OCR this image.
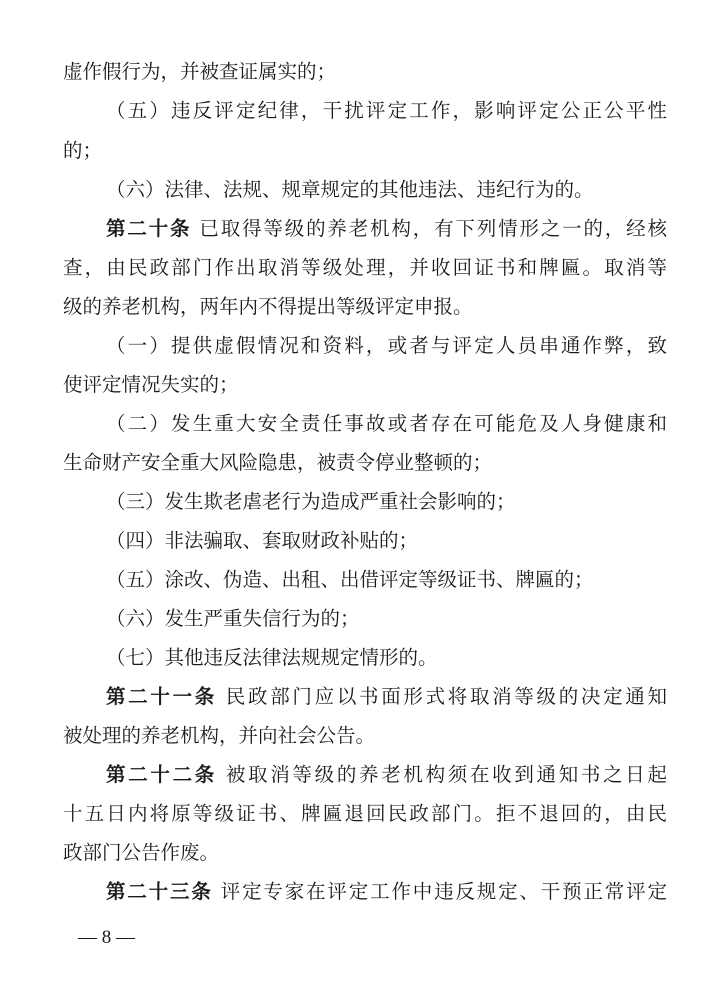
虚作假行为，并被查证属实的；
（五）违反评定纪律，干扰评定工作，影响评定公正公平性
的；
（六）法律、法规、规章规定的其他违法、违纪行为的。
第二十条 已取得等级的养老机构，有下列情形之一的，经核
查，由民政部门作出取消等级处理，并收回证书和牌匾。取消等
级的养老机构，两年内不得提出等级评定申报。
（一）提供虚假情况和资料，或者与评定人员串通作弊，致
使评定情况失实的；
（二）发生重大安全责任事故或者存在可能危及人身健康和
生命财产安全重大风险隐患，被责令停业整顿的；
（三）发生欺老虐老行为造成严重社会影响的；
（四）非法骗取、套取财政补贴的；
（五）涂改、伪造、出租、出借评定等级证书、牌匾的；
（六）发生严重失信行为的；
（七）其他违反法律法规规定情形的。
第二十一条 民政部门应以书面形式将取消等级的决定通知
被处理的养老机构，并向社会公告。
第二十二条 被取消等级的养老机构须在收到通知书之日起
十五日内将原等级证书、牌匾退回民政部门。拒不退回的，由民
政部门公告作废。
第二十三条 评定专家在评定工作中违反规定、干预正常评定
— 8 —
